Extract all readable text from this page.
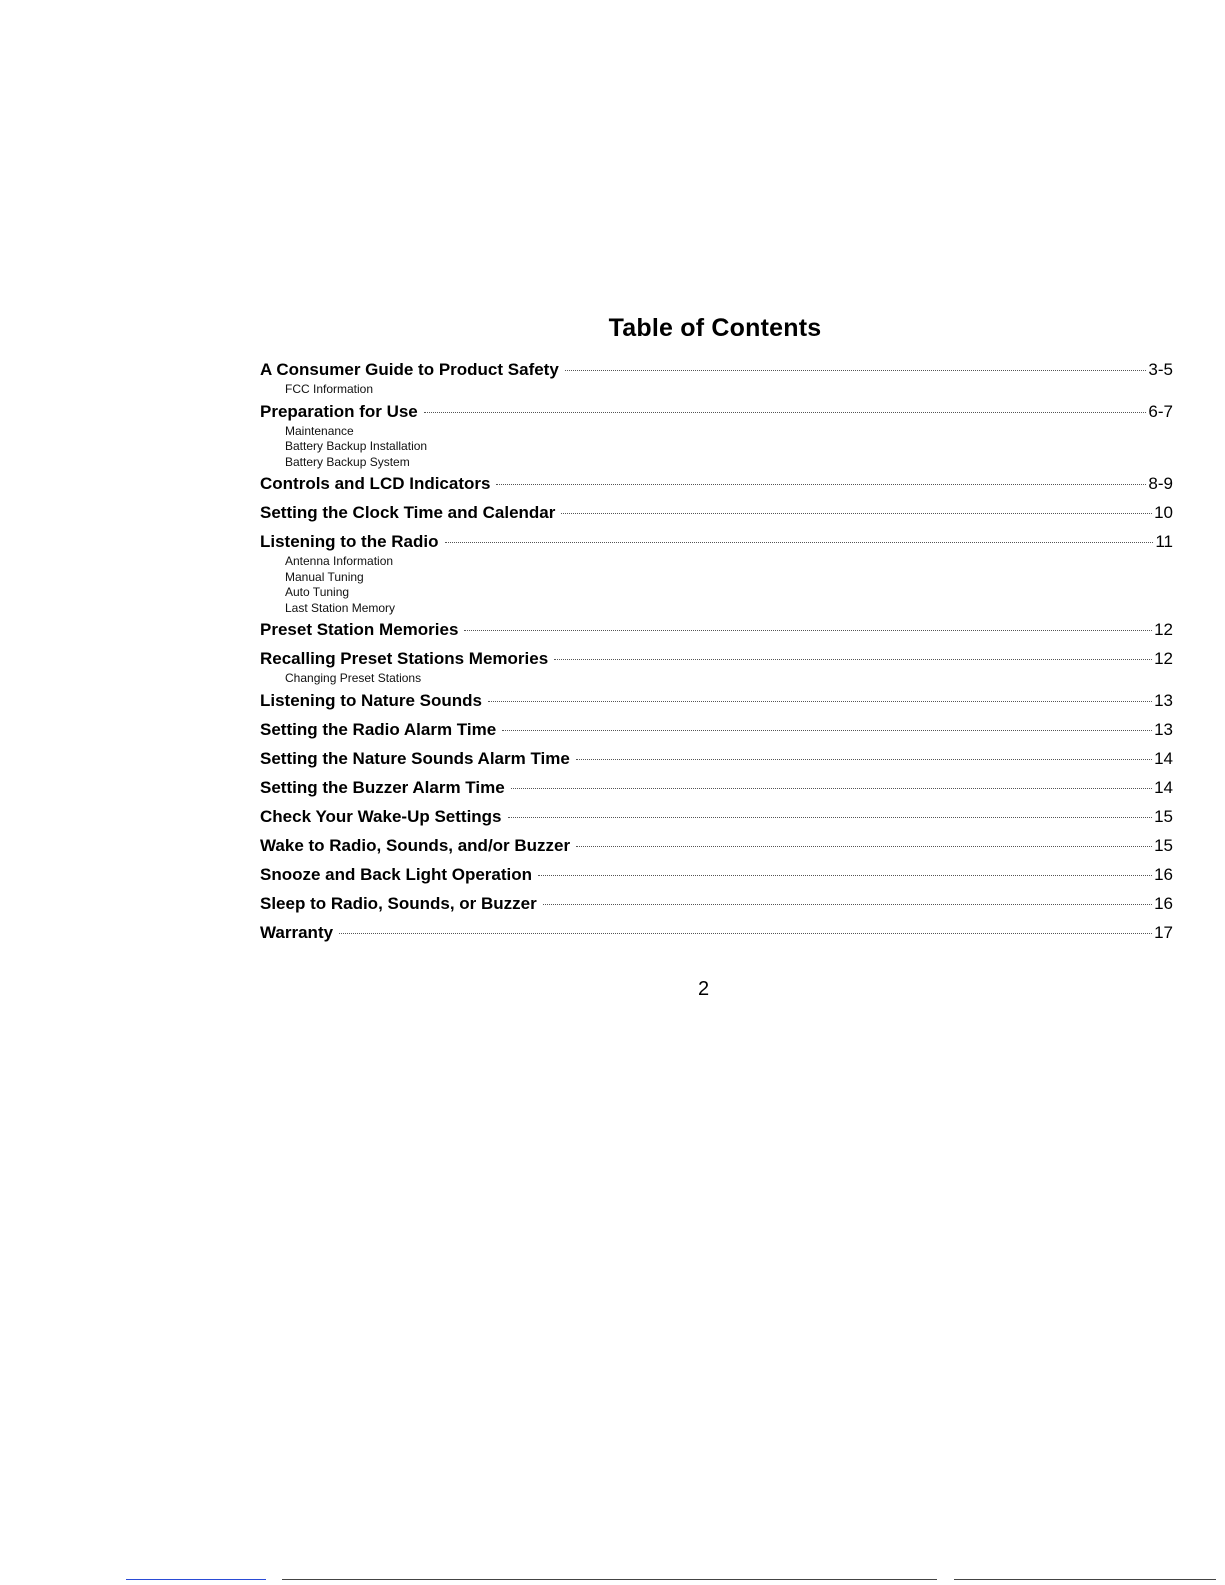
Table of Contents
A Consumer Guide to Product Safety	3-5
FCC Information
Preparation for Use	6-7
Maintenance
Battery Backup Installation
Battery Backup System
Controls and LCD Indicators	8-9
Setting the Clock Time and Calendar	10
Listening to the Radio	11
Antenna Information
Manual Tuning
Auto Tuning
Last Station Memory
Preset Station Memories	12
Recalling Preset Stations Memories	12
Changing Preset Stations
Listening to Nature Sounds	13
Setting the Radio Alarm Time	13
Setting the Nature Sounds Alarm Time	14
Setting the Buzzer Alarm Time	14
Check Your Wake-Up Settings	15
Wake to Radio, Sounds, and/or Buzzer	15
Snooze and Back Light Operation	16
Sleep to Radio, Sounds, or Buzzer	16
Warranty	17
2
